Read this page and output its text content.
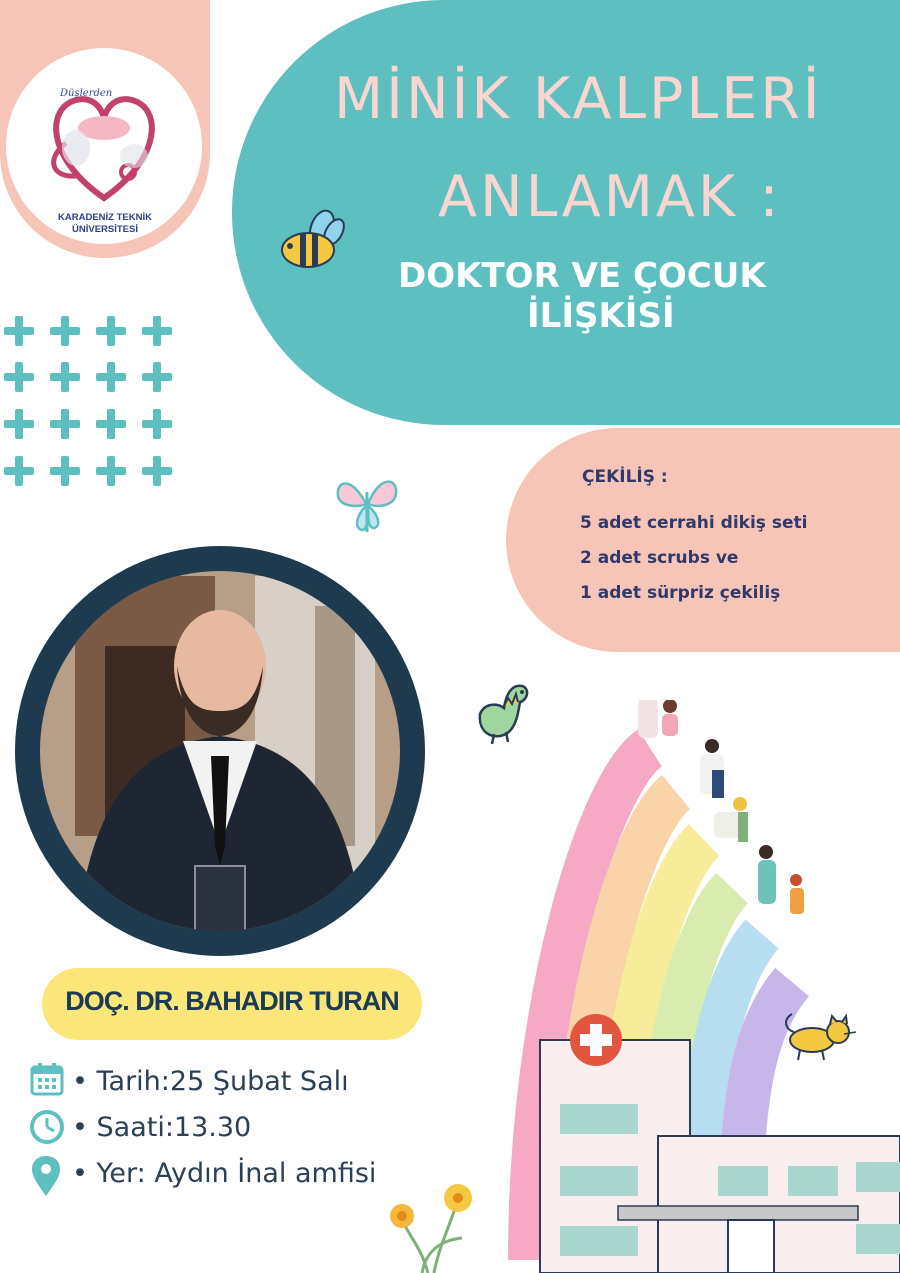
Düşlerden
KARADENİZ TEKNİK
ÜNİVERSİTESİ
MİNİK KALPLERİ
ANLAMAK :
DOKTOR VE ÇOCUK
İLİŞKİSİ
ÇEKİLİŞ :
5 adet cerrahi dikiş seti
2 adet scrubs ve
1 adet sürpriz çekiliş
DOÇ. DR. BAHADIR TURAN
• Tarih:25 Şubat Salı
• Saati:13.30
• Yer: Aydın İnal amfisi
